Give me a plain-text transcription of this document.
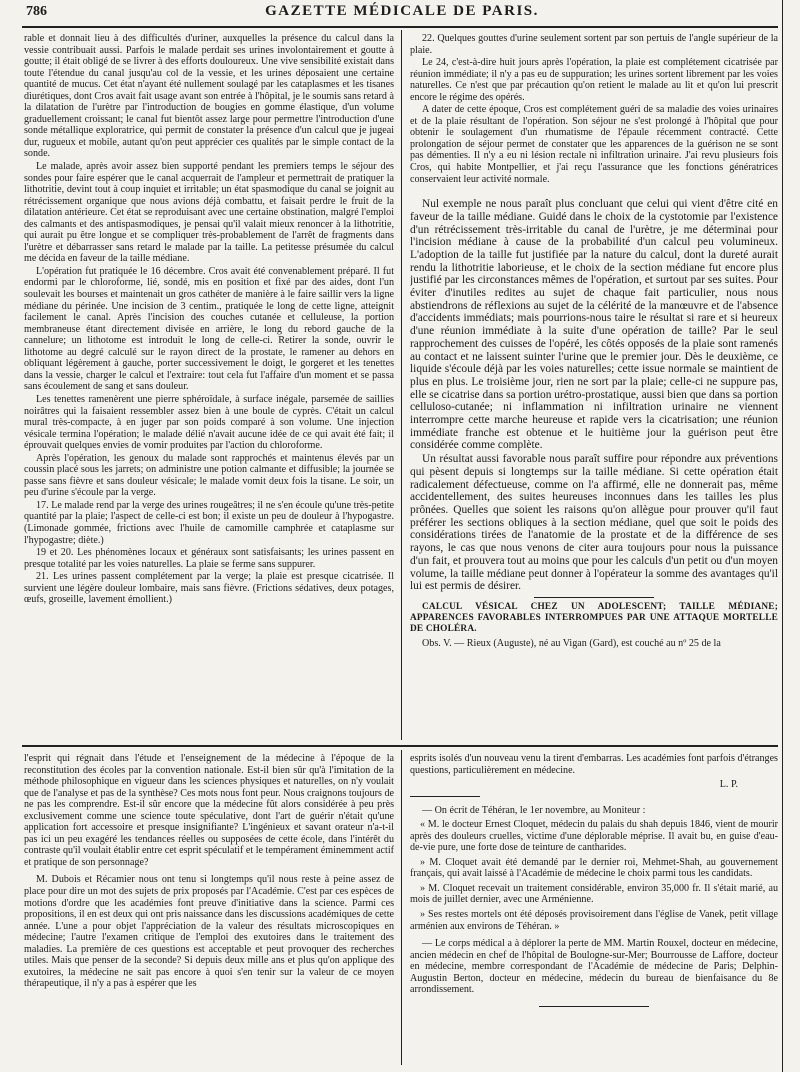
786	GAZETTE MÉDICALE DE PARIS.

rable et donnait lieu à des difficultés d'uriner, auxquelles la présence du calcul dans la vessie contribuait aussi. Parfois le malade perdait ses urines involontairement et goutte à goutte; il était obligé de se livrer à des efforts douloureux. Une vive sensibilité existait dans toute l'étendue du canal jusqu'au col de la vessie, et les urines déposaient une certaine quantité de mucus. Cet état n'ayant été nullement soulagé par les cataplasmes et les tisanes diurétiques, dont Cros avait fait usage avant son entrée à l'hôpital, je le soumis sans retard à la dilatation de l'urètre par l'introduction de bougies en gomme élastique, d'un volume graduellement croissant; le canal fut bientôt assez large pour permettre l'introduction d'une sonde métallique exploratrice, qui permit de constater la présence d'un calcul que je jugeai dur, rugueux et mobile, autant qu'on peut apprécier ces qualités par le simple contact de la sonde.

Le malade, après avoir assez bien supporté pendant les premiers temps le séjour des sondes pour faire espérer que le canal acquerrait de l'ampleur et permettrait de pratiquer la lithotritie, devint tout à coup inquiet et irritable; un état spasmodique du canal se joignit au rétrécissement organique que nous avions déjà combattu, et faisait perdre le fruit de la dilatation antérieure. Cet état se reproduisant avec une certaine obstination, malgré l'emploi des calmants et des antispasmodiques, je pensai qu'il valait mieux renoncer à la lithotritie, qui aurait pu être longue et se compliquer très-probablement de l'arrêt de fragments dans l'urètre et débarrasser sans retard le malade par la taille. La petitesse présumée du calcul me décida en faveur de la taille médiane.

L'opération fut pratiquée le 16 décembre. Cros avait été convenablement préparé. Il fut endormi par le chloroforme, lié, sondé, mis en position et fixé par des aides, dont l'un soulevait les bourses et maintenait un gros cathéter de manière à le faire saillir vers la ligne médiane du périnée. Une incision de 3 centim., pratiquée le long de cette ligne, atteignit facilement le canal. Après l'incision des couches cutanée et celluleuse, la portion membraneuse étant directement divisée en arrière, le long du rebord gauche de la cannelure; un lithotome est introduit le long de celle-ci. Retirer la sonde, ouvrir le lithotome au degré calculé sur le rayon direct de la prostate, le ramener au dehors en obliquant légèrement à gauche, porter successivement le doigt, le gorgeret et les tenettes dans la vessie, charger le calcul et l'extraire: tout cela fut l'affaire d'un moment et se passa sans écoulement de sang et sans douleur.

Les tenettes ramenèrent une pierre sphéroïdale, à surface inégale, parsemée de saillies noirâtres qui la faisaient ressembler assez bien à une boule de cyprès. C'était un calcul mural très-compacte, à en juger par son poids comparé à son volume. Une injection vésicale termina l'opération; le malade délié n'avait aucune idée de ce qui avait été fait; il éprouvait quelques envies de vomir produites par l'action du chloroforme.

Après l'opération, les genoux du malade sont rapprochés et maintenus élevés par un coussin placé sous les jarrets; on administre une potion calmante et diffusible; la journée se passe sans fièvre et sans douleur vésicale; le malade vomit deux fois la tisane. Le soir, un peu d'urine s'écoule par la verge.

17. Le malade rend par la verge des urines rougeâtres; il ne s'en écoule qu'une très-petite quantité par la plaie; l'aspect de celle-ci est bon; il existe un peu de douleur à l'hypogastre. (Limonade gommée, frictions avec l'huile de camomille camphrée et cataplasme sur l'hypogastre; diète.)

19 et 20. Les phénomènes locaux et généraux sont satisfaisants; les urines passent en presque totalité par les voies naturelles. La plaie se ferme sans suppurer.

21. Les urines passent complétement par la verge; la plaie est presque cicatrisée. Il survient une légère douleur lombaire, mais sans fièvre. (Frictions sédatives, deux potages, œufs, groseille, lavement émollient.)

22. Quelques gouttes d'urine seulement sortent par son pertuis de l'angle supérieur de la plaie.

Le 24, c'est-à-dire huit jours après l'opération, la plaie est complétement cicatrisée par réunion immédiate; il n'y a pas eu de suppuration; les urines sortent librement par les voies naturelles. Ce n'est que par précaution qu'on retient le malade au lit et qu'on lui prescrit encore le régime des opérés.

A dater de cette époque, Cros est complétement guéri de sa maladie des voies urinaires et de la plaie résultant de l'opération. Son séjour ne s'est prolongé à l'hôpital que pour obtenir le soulagement d'un rhumatisme de l'épaule récemment contracté. Cette prolongation de séjour permet de constater que les apparences de la guérison ne se sont pas démenties. Il n'y a eu ni lésion rectale ni infiltration urinaire. J'ai revu plusieurs fois Cros, qui habite Montpellier, et j'ai reçu l'assurance que les fonctions génératrices conservaient leur activité normale.

Nul exemple ne nous paraît plus concluant que celui qui vient d'être cité en faveur de la taille médiane. Guidé dans le choix de la cystotomie par l'existence d'un rétrécissement très-irritable du canal de l'urètre, je me déterminai pour l'incision médiane à cause de la probabilité d'un calcul peu volumineux. L'adoption de la taille fut justifiée par la nature du calcul, dont la dureté aurait rendu la lithotritie laborieuse, et le choix de la section médiane fut encore plus justifié par les circonstances mêmes de l'opération, et surtout par ses suites. Pour éviter d'inutiles redites au sujet de chaque fait particulier, nous nous abstiendrons de réflexions au sujet de la célérité de la manœuvre et de l'absence d'accidents immédiats; mais pourrions-nous taire le résultat si rare et si heureux d'une réunion immédiate à la suite d'une opération de taille? Par le seul rapprochement des cuisses de l'opéré, les côtés opposés de la plaie sont ramenés au contact et ne laissent suinter l'urine que le premier jour. Dès le deuxième, ce liquide s'écoule déjà par les voies naturelles; cette issue normale se maintient de plus en plus. Le troisième jour, rien ne sort par la plaie; celle-ci ne suppure pas, elle se cicatrise dans sa portion urétro-prostatique, aussi bien que dans sa portion celluloso-cutanée; ni inflammation ni infiltration urinaire ne viennent interrompre cette marche heureuse et rapide vers la cicatrisation; une réunion immédiate franche est obtenue et le huitième jour la guérison peut être considérée comme complète.

Un résultat aussi favorable nous paraît suffire pour répondre aux préventions qui pèsent depuis si longtemps sur la taille médiane. Si cette opération était radicalement défectueuse, comme on l'a affirmé, elle ne donnerait pas, même accidentellement, des suites heureuses inconnues dans les tailles les plus prônées. Quelles que soient les raisons qu'on allègue pour prouver qu'il faut préférer les sections obliques à la section médiane, quel que soit le poids des considérations tirées de l'anatomie de la prostate et de la différence de ses rayons, le cas que nous venons de citer aura toujours pour nous la puissance d'un fait, et prouvera tout au moins que pour les calculs d'un petit ou d'un moyen volume, la taille médiane peut donner à l'opérateur la somme des avantages qu'il lui est permis de désirer.

CALCUL VÉSICAL CHEZ UN ADOLESCENT; TAILLE MÉDIANE; APPARENCES FAVORABLES INTERROMPUES PAR UNE ATTAQUE MORTELLE DE CHOLÉRA.

Obs. V. — Rieux (Auguste), né au Vigan (Gard), est couché au nº 25 de la

l'esprit qui régnait dans l'étude et l'enseignement de la médecine à l'époque de la reconstitution des écoles par la convention nationale. Est-il bien sûr qu'à l'imitation de la méthode philosophique en vigueur dans les sciences physiques et naturelles, on n'y voulait que de l'analyse et pas de la synthèse? Ces mots nous font peur. Nous craignons toujours de ne pas les comprendre. Est-il sûr encore que la médecine fût alors considérée à peu près exclusivement comme une science toute spéculative, dont l'art de guérir n'était qu'une application fort accessoire et presque insignifiante? L'ingénieux et savant orateur n'a-t-il pas ici un peu exagéré les tendances réelles ou supposées de cette école, dans l'intérêt du contraste qu'il voulait établir entre cet esprit spéculatif et le tempérament éminemment actif et pratique de son personnage?

M. Dubois et Récamier nous ont tenu si longtemps qu'il nous reste à peine assez de place pour dire un mot des sujets de prix proposés par l'Académie. C'est par ces espèces de motions d'ordre que les académies font preuve d'initiative dans la science. Parmi ces propositions, il en est deux qui ont pris naissance dans les discussions académiques de cette année. L'une a pour objet l'appréciation de la valeur des résultats microscopiques en médecine; l'autre l'examen critique de l'emploi des exutoires dans le traitement des maladies. La première de ces questions est acceptable et peut provoquer des recherches utiles. Mais que penser de la seconde? Si depuis deux mille ans et plus qu'on applique des exutoires, la médecine ne sait pas encore à quoi s'en tenir sur la valeur de ce moyen thérapeutique, il n'y a pas à espérer que les

esprits isolés d'un nouveau venu la tirent d'embarras. Les académies font parfois d'étranges questions, particulièrement en médecine.

L. P.

— On écrit de Téhéran, le 1er novembre, au Moniteur :

« M. le docteur Ernest Cloquet, médecin du palais du shah depuis 1846, vient de mourir après des douleurs cruelles, victime d'une déplorable méprise. Il avait bu, en guise d'eau-de-vie pure, une forte dose de teinture de cantharides.

» M. Cloquet avait été demandé par le dernier roi, Mehmet-Shah, au gouvernement français, qui avait laissé à l'Académie de médecine le choix parmi tous les candidats.

» M. Cloquet recevait un traitement considérable, environ 35,000 fr. Il s'était marié, au mois de juillet dernier, avec une Arménienne.

» Ses restes mortels ont été déposés provisoirement dans l'église de Vanek, petit village arménien aux environs de Téhéran. »

— Le corps médical a à déplorer la perte de MM. Martin Rouxel, docteur en médecine, ancien médecin en chef de l'hôpital de Boulogne-sur-Mer; Bourrousse de Laffore, docteur en médecine, membre correspondant de l'Académie de médecine de Paris; Delphin-Augustin Berton, docteur en médecine, médecin du bureau de bienfaisance du 8e arrondissement.
